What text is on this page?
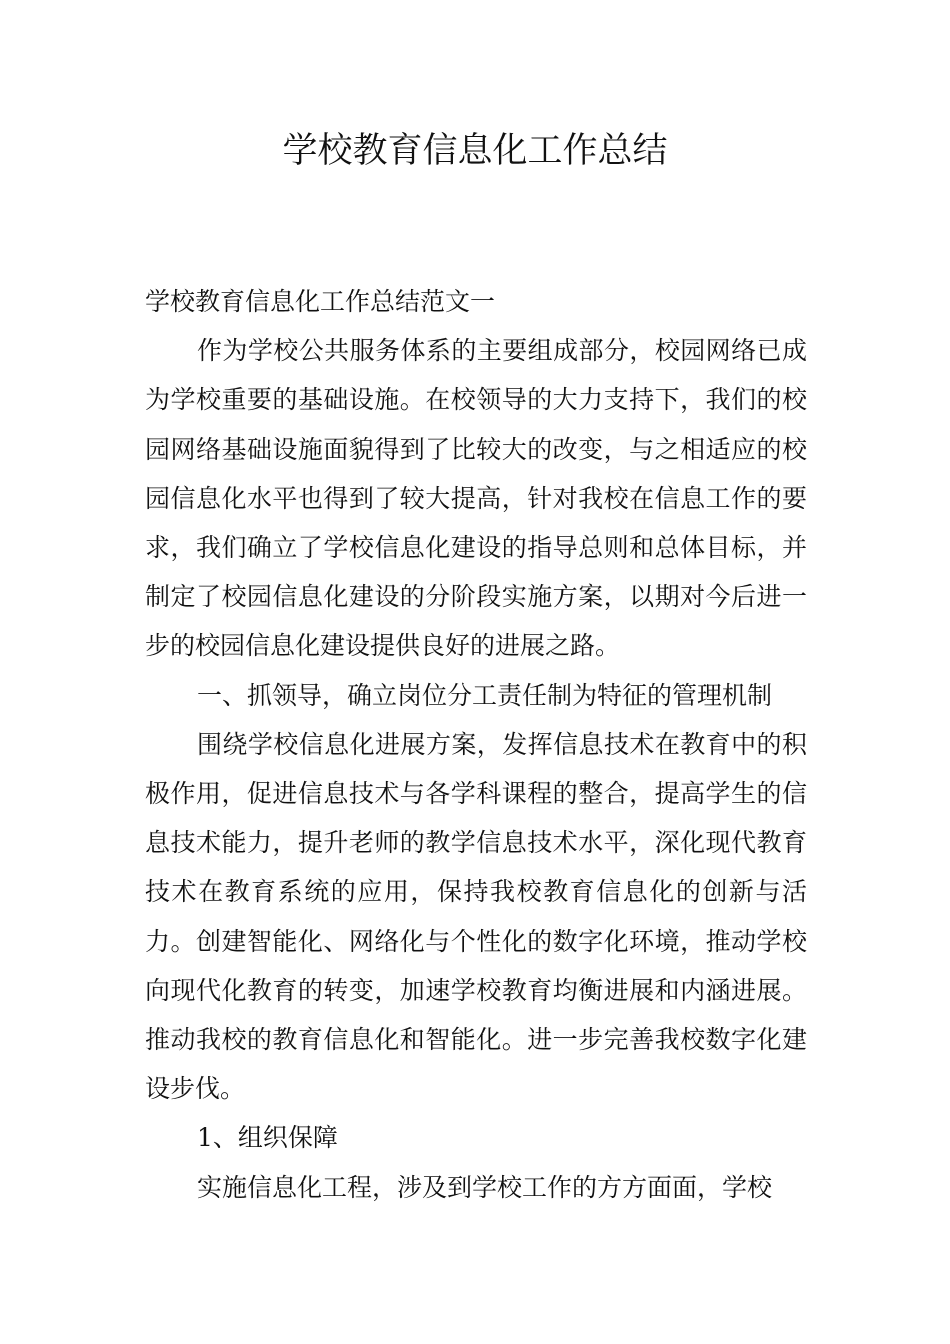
学校教育信息化工作总结

学校教育信息化工作总结范文一

作为学校公共服务体系的主要组成部分，校园网络已成为学校重要的基础设施。在校领导的大力支持下，我们的校园网络基础设施面貌得到了比较大的改变，与之相适应的校园信息化水平也得到了较大提高，针对我校在信息工作的要求，我们确立了学校信息化建设的指导总则和总体目标，并制定了校园信息化建设的分阶段实施方案，以期对今后进一步的校园信息化建设提供良好的进展之路。

一、抓领导，确立岗位分工责任制为特征的管理机制

围绕学校信息化进展方案，发挥信息技术在教育中的积极作用，促进信息技术与各学科课程的整合，提高学生的信息技术能力，提升老师的教学信息技术水平，深化现代教育技术在教育系统的应用，保持我校教育信息化的创新与活力。创建智能化、网络化与个性化的数字化环境，推动学校向现代化教育的转变，加速学校教育均衡进展和内涵进展。推动我校的教育信息化和智能化。进一步完善我校数字化建设步伐。

1、组织保障

实施信息化工程，涉及到学校工作的方方面面，学校
